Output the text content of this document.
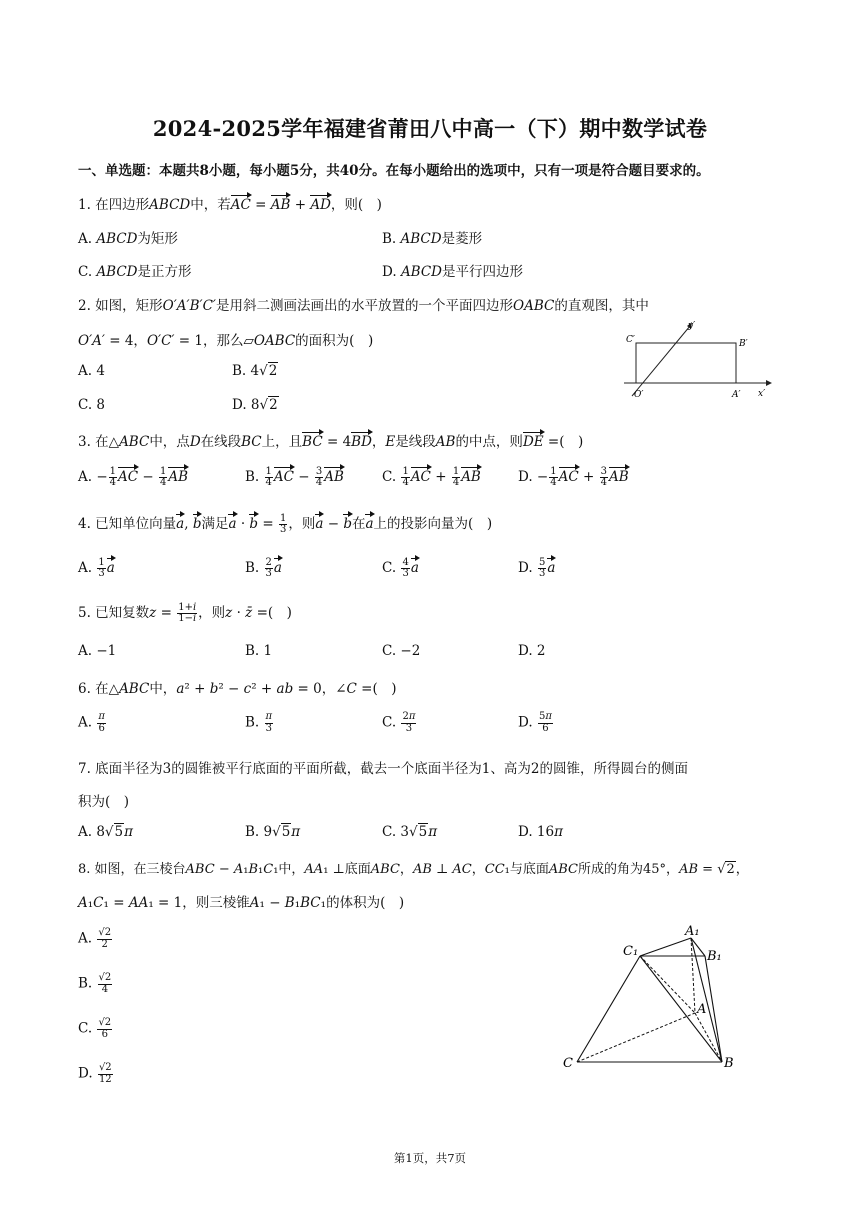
2024-2025学年福建省莆田八中高一（下）期中数学试卷
一、单选题：本题共8小题，每小题5分，共40分。在每小题给出的选项中，只有一项是符合题目要求的。
1. 在四边形ABCD中，若AC = AB + AD，则(　)
A. ABCD为矩形	B. ABCD是菱形
C. ABCD是正方形	D. ABCD是平行四边形
2. 如图，矩形O′A′B′C′是用斜二测画法画出的水平放置的一个平面四边形OABC的直观图，其中
O′A′ = 4，O′C′ = 1，那么▱OABC的面积为(　)
A. 4	B. 4√2
C. 8	D. 8√2
C′	B′
O′	A′ x′
y′
3. 在△ABC中，点D在线段BC上，且BC = 4BD，E是线段AB的中点，则DE =(　)
A. − $\frac{1}{4}$ AC − $\frac{1}{4}$ AB	B. $\frac{1}{4}$ AC − $\frac{3}{4}$ AB	C. $\frac{1}{4}$ AC + $\frac{1}{4}$ AB	D. − $\frac{1}{4}$ AC + $\frac{3}{4}$ AB
4. 已知单位向量a, b满足$a \cdot b = \frac{1}{3}$ ，则a − b在a上的投影向量为(　)
A. $\frac{1}{3}$ a	B. $\frac{2}{3}$ a	C. $\frac{4}{3}$ a	D. $\frac{5}{3}$ a
5. 已知复数$z = \frac{1+i}{1-i}$ ，则z · z̄ =(　)
A. −1	B. 1	C. −2	D. 2
6. 在△ABC中，a² + b² − c² + ab = 0，∠C =(　)
A. $\frac{\pi}{6}$	B. $\frac{\pi}{3}$	C. $\frac{2\pi}{3}$	D. $\frac{5\pi}{6}$
7. 底面半径为3的圆锥被平行底面的平面所截，截去一个底面半径为1、高为2的圆锥，所得圆台的侧面
积为(　)
A. 8√5π	B. 9√5π	C. 3√5π	D. 16π
8. 如图，在三棱台ABC − A₁B₁C₁中，AA₁ ⊥底面ABC，AB ⊥ AC，CC₁与底面ABC所成的角为45°，AB = √2，
A₁C₁ = AA₁ = 1，则三棱锥A₁ − B₁BC₁的体积为(　)
A. $\frac{√2}{2}$
B. $\frac{√2}{4}$
C. $\frac{√2}{6}$
D. $\frac{√2}{12}$
A₁
C₁	B₁
A
C	B
第1页，共7页
